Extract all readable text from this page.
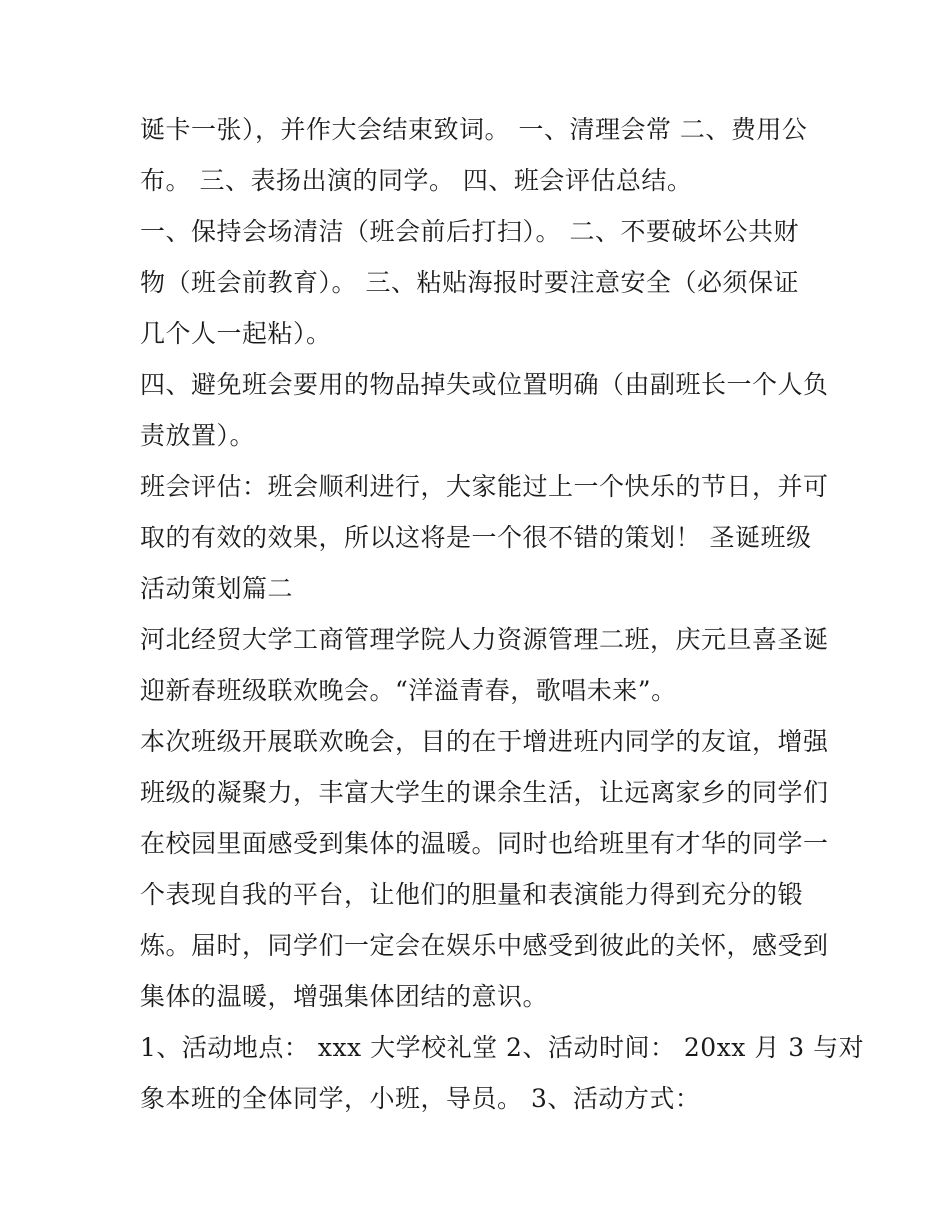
诞卡一张），并作大会结束致词。 一、清理会常 二、费用公
布。 三、表扬出演的同学。 四、班会评估总结。
一、保持会场清洁（班会前后打扫）。 二、不要破坏公共财
物（班会前教育）。 三、粘贴海报时要注意安全（必须保证
几个人一起粘）。
四、避免班会要用的物品掉失或位置明确（由副班长一个人负
责放置）。
班会评估：班会顺利进行，大家能过上一个快乐的节日，并可
取的有效的效果，所以这将是一个很不错的策划！ 圣诞班级
活动策划篇二
河北经贸大学工商管理学院人力资源管理二班，庆元旦喜圣诞
迎新春班级联欢晚会。“洋溢青春，歌唱未来”。
本次班级开展联欢晚会，目的在于增进班内同学的友谊，增强
班级的凝聚力，丰富大学生的课余生活，让远离家乡的同学们
在校园里面感受到集体的温暖。同时也给班里有才华的同学一
个表现自我的平台，让他们的胆量和表演能力得到充分的锻
炼。届时，同学们一定会在娱乐中感受到彼此的关怀，感受到
集体的温暖，增强集体团结的意识。
1、活动地点： xxx 大学校礼堂 2、活动时间： 20xx 月 3 与对
象本班的全体同学，小班，导员。 3、活动方式：
